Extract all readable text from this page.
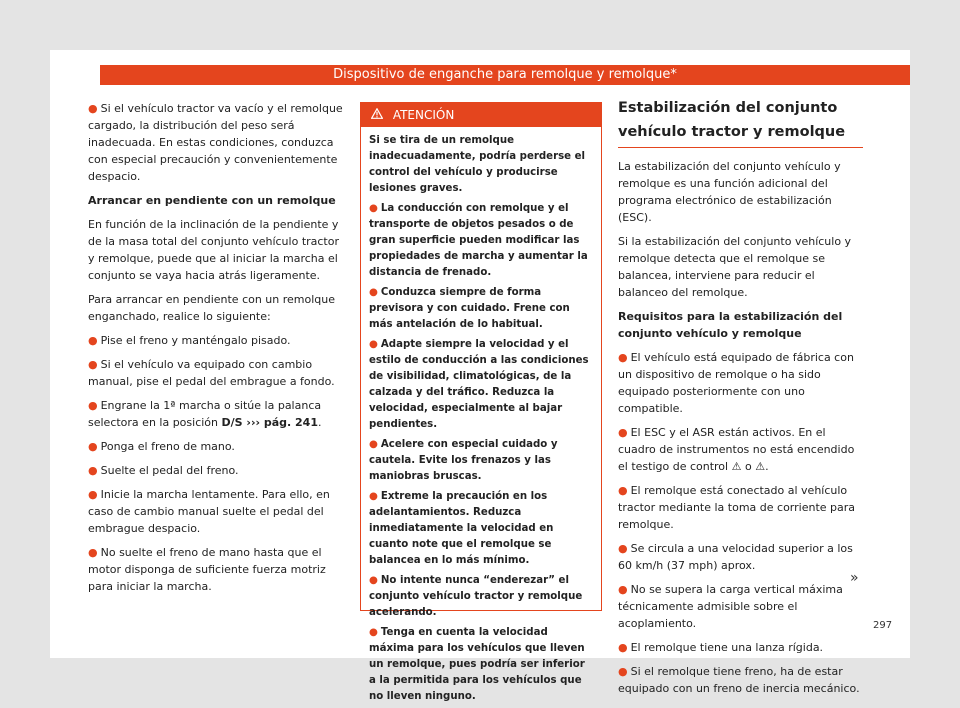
Dispositivo de enganche para remolque y remolque*

● Si el vehículo tractor va vacío y el remolque cargado, la distribución del peso será inadecuada. En estas condiciones, conduzca con especial precaución y convenientemente despacio.

Arrancar en pendiente con un remolque

En función de la inclinación de la pendiente y de la masa total del conjunto vehículo tractor y remolque, puede que al iniciar la marcha el conjunto se vaya hacia atrás ligeramente.

Para arrancar en pendiente con un remolque enganchado, realice lo siguiente:

● Pise el freno y manténgalo pisado.

● Si el vehículo va equipado con cambio manual, pise el pedal del embrague a fondo.

● Engrane la 1ª marcha o sitúe la palanca selectora en la posición D/S ››› pág. 241.

● Ponga el freno de mano.

● Suelte el pedal del freno.

● Inicie la marcha lentamente. Para ello, en caso de cambio manual suelte el pedal del embrague despacio.

● No suelte el freno de mano hasta que el motor disponga de suficiente fuerza motriz para iniciar la marcha.

ATENCIÓN

Si se tira de un remolque inadecuadamente, podría perderse el control del vehículo y producirse lesiones graves.

● La conducción con remolque y el transporte de objetos pesados o de gran superficie pueden modificar las propiedades de marcha y aumentar la distancia de frenado.

● Conduzca siempre de forma previsora y con cuidado. Frene con más antelación de lo habitual.

● Adapte siempre la velocidad y el estilo de conducción a las condiciones de visibilidad, climatológicas, de la calzada y del tráfico. Reduzca la velocidad, especialmente al bajar pendientes.

● Acelere con especial cuidado y cautela. Evite los frenazos y las maniobras bruscas.

● Extreme la precaución en los adelantamientos. Reduzca inmediatamente la velocidad en cuanto note que el remolque se balancea en lo más mínimo.

● No intente nunca “enderezar” el conjunto vehículo tractor y remolque acelerando.

● Tenga en cuenta la velocidad máxima para los vehículos que lleven un remolque, pues podría ser inferior a la permitida para los vehículos que no lleven ninguno.

Estabilización del conjunto vehículo tractor y remolque

La estabilización del conjunto vehículo y remolque es una función adicional del programa electrónico de estabilización (ESC).

Si la estabilización del conjunto vehículo y remolque detecta que el remolque se balancea, interviene para reducir el balanceo del remolque.

Requisitos para la estabilización del conjunto vehículo y remolque

● El vehículo está equipado de fábrica con un dispositivo de remolque o ha sido equipado posteriormente con uno compatible.

● El ESC y el ASR están activos. En el cuadro de instrumentos no está encendido el testigo de control ⚠ o ⚠.

● El remolque está conectado al vehículo tractor mediante la toma de corriente para remolque.

● Se circula a una velocidad superior a los 60 km/h (37 mph) aprox.

● No se supera la carga vertical máxima técnicamente admisible sobre el acoplamiento.

● El remolque tiene una lanza rígida.

● Si el remolque tiene freno, ha de estar equipado con un freno de inercia mecánico.

»
297
